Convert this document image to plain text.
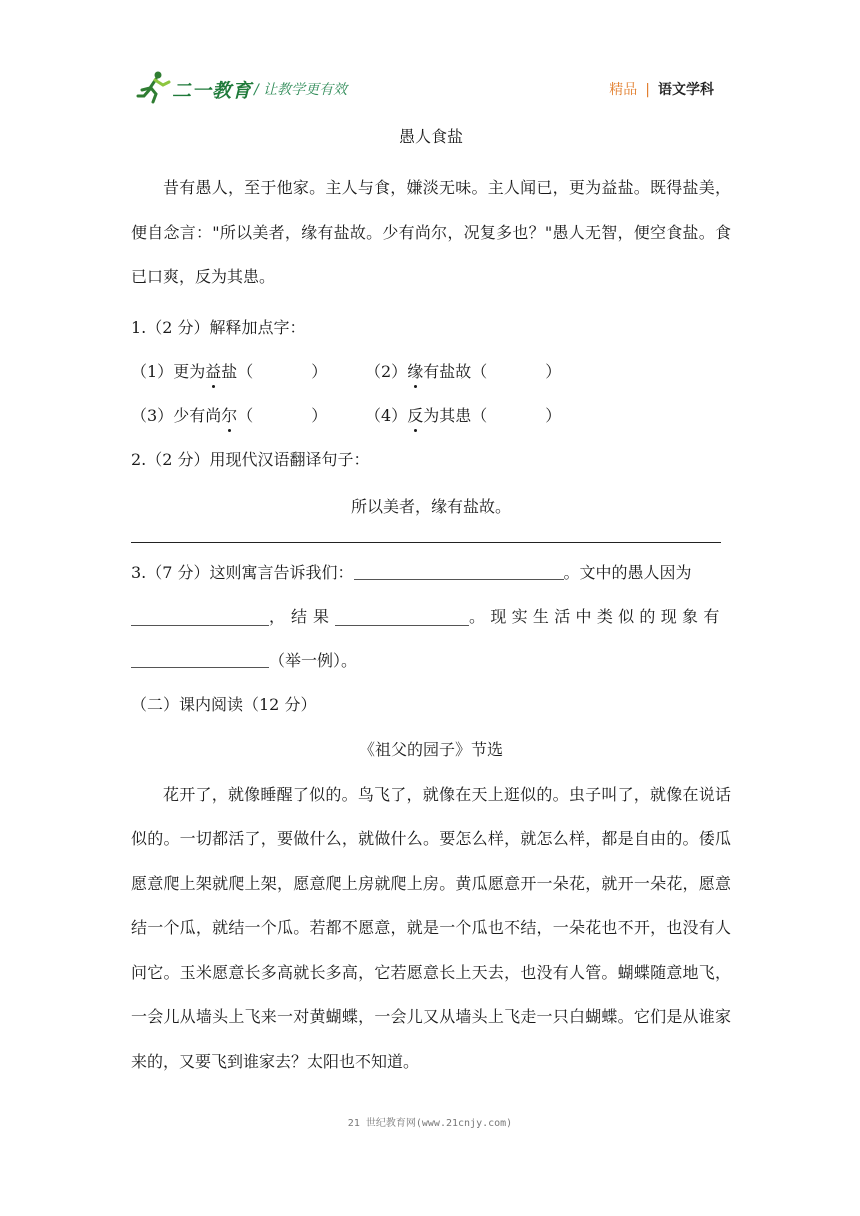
二一教育 / 让教学更有效	精品 | 语文学科
愚人食盐

昔有愚人，至于他家。主人与食，嫌淡无味。主人闻已，更为益盐。既得盐美，便自念言："所以美者，缘有盐故。少有尚尔，况复多也？"愚人无智，便空食盐。食已口爽，反为其患。

1.（2 分）解释加点字：
（1）更为益盐（	） （2）缘有盐故（	）
（3）少有尚尔（	） （4）反为其患（	）
2.（2 分）用现代汉语翻译句子：
所以美者，缘有盐故。
3.（7 分）这则寓言告诉我们：	。文中的愚人因为
，结果	。现实生活中类似的现象有
（举一例）。
（二）课内阅读（12 分）
《祖父的园子》节选

花开了，就像睡醒了似的。鸟飞了，就像在天上逛似的。虫子叫了，就像在说话似的。一切都活了，要做什么，就做什么。要怎么样，就怎么样，都是自由的。倭瓜愿意爬上架就爬上架，愿意爬上房就爬上房。黄瓜愿意开一朵花，就开一朵花，愿意结一个瓜，就结一个瓜。若都不愿意，就是一个瓜也不结，一朵花也不开，也没有人问它。玉米愿意长多高就长多高，它若愿意长上天去，也没有人管。蝴蝶随意地飞，一会儿从墙头上飞来一对黄蝴蝶，一会儿又从墙头上飞走一只白蝴蝶。它们是从谁家来的，又要飞到谁家去？太阳也不知道。

21 世纪教育网(www.21cnjy.com)
